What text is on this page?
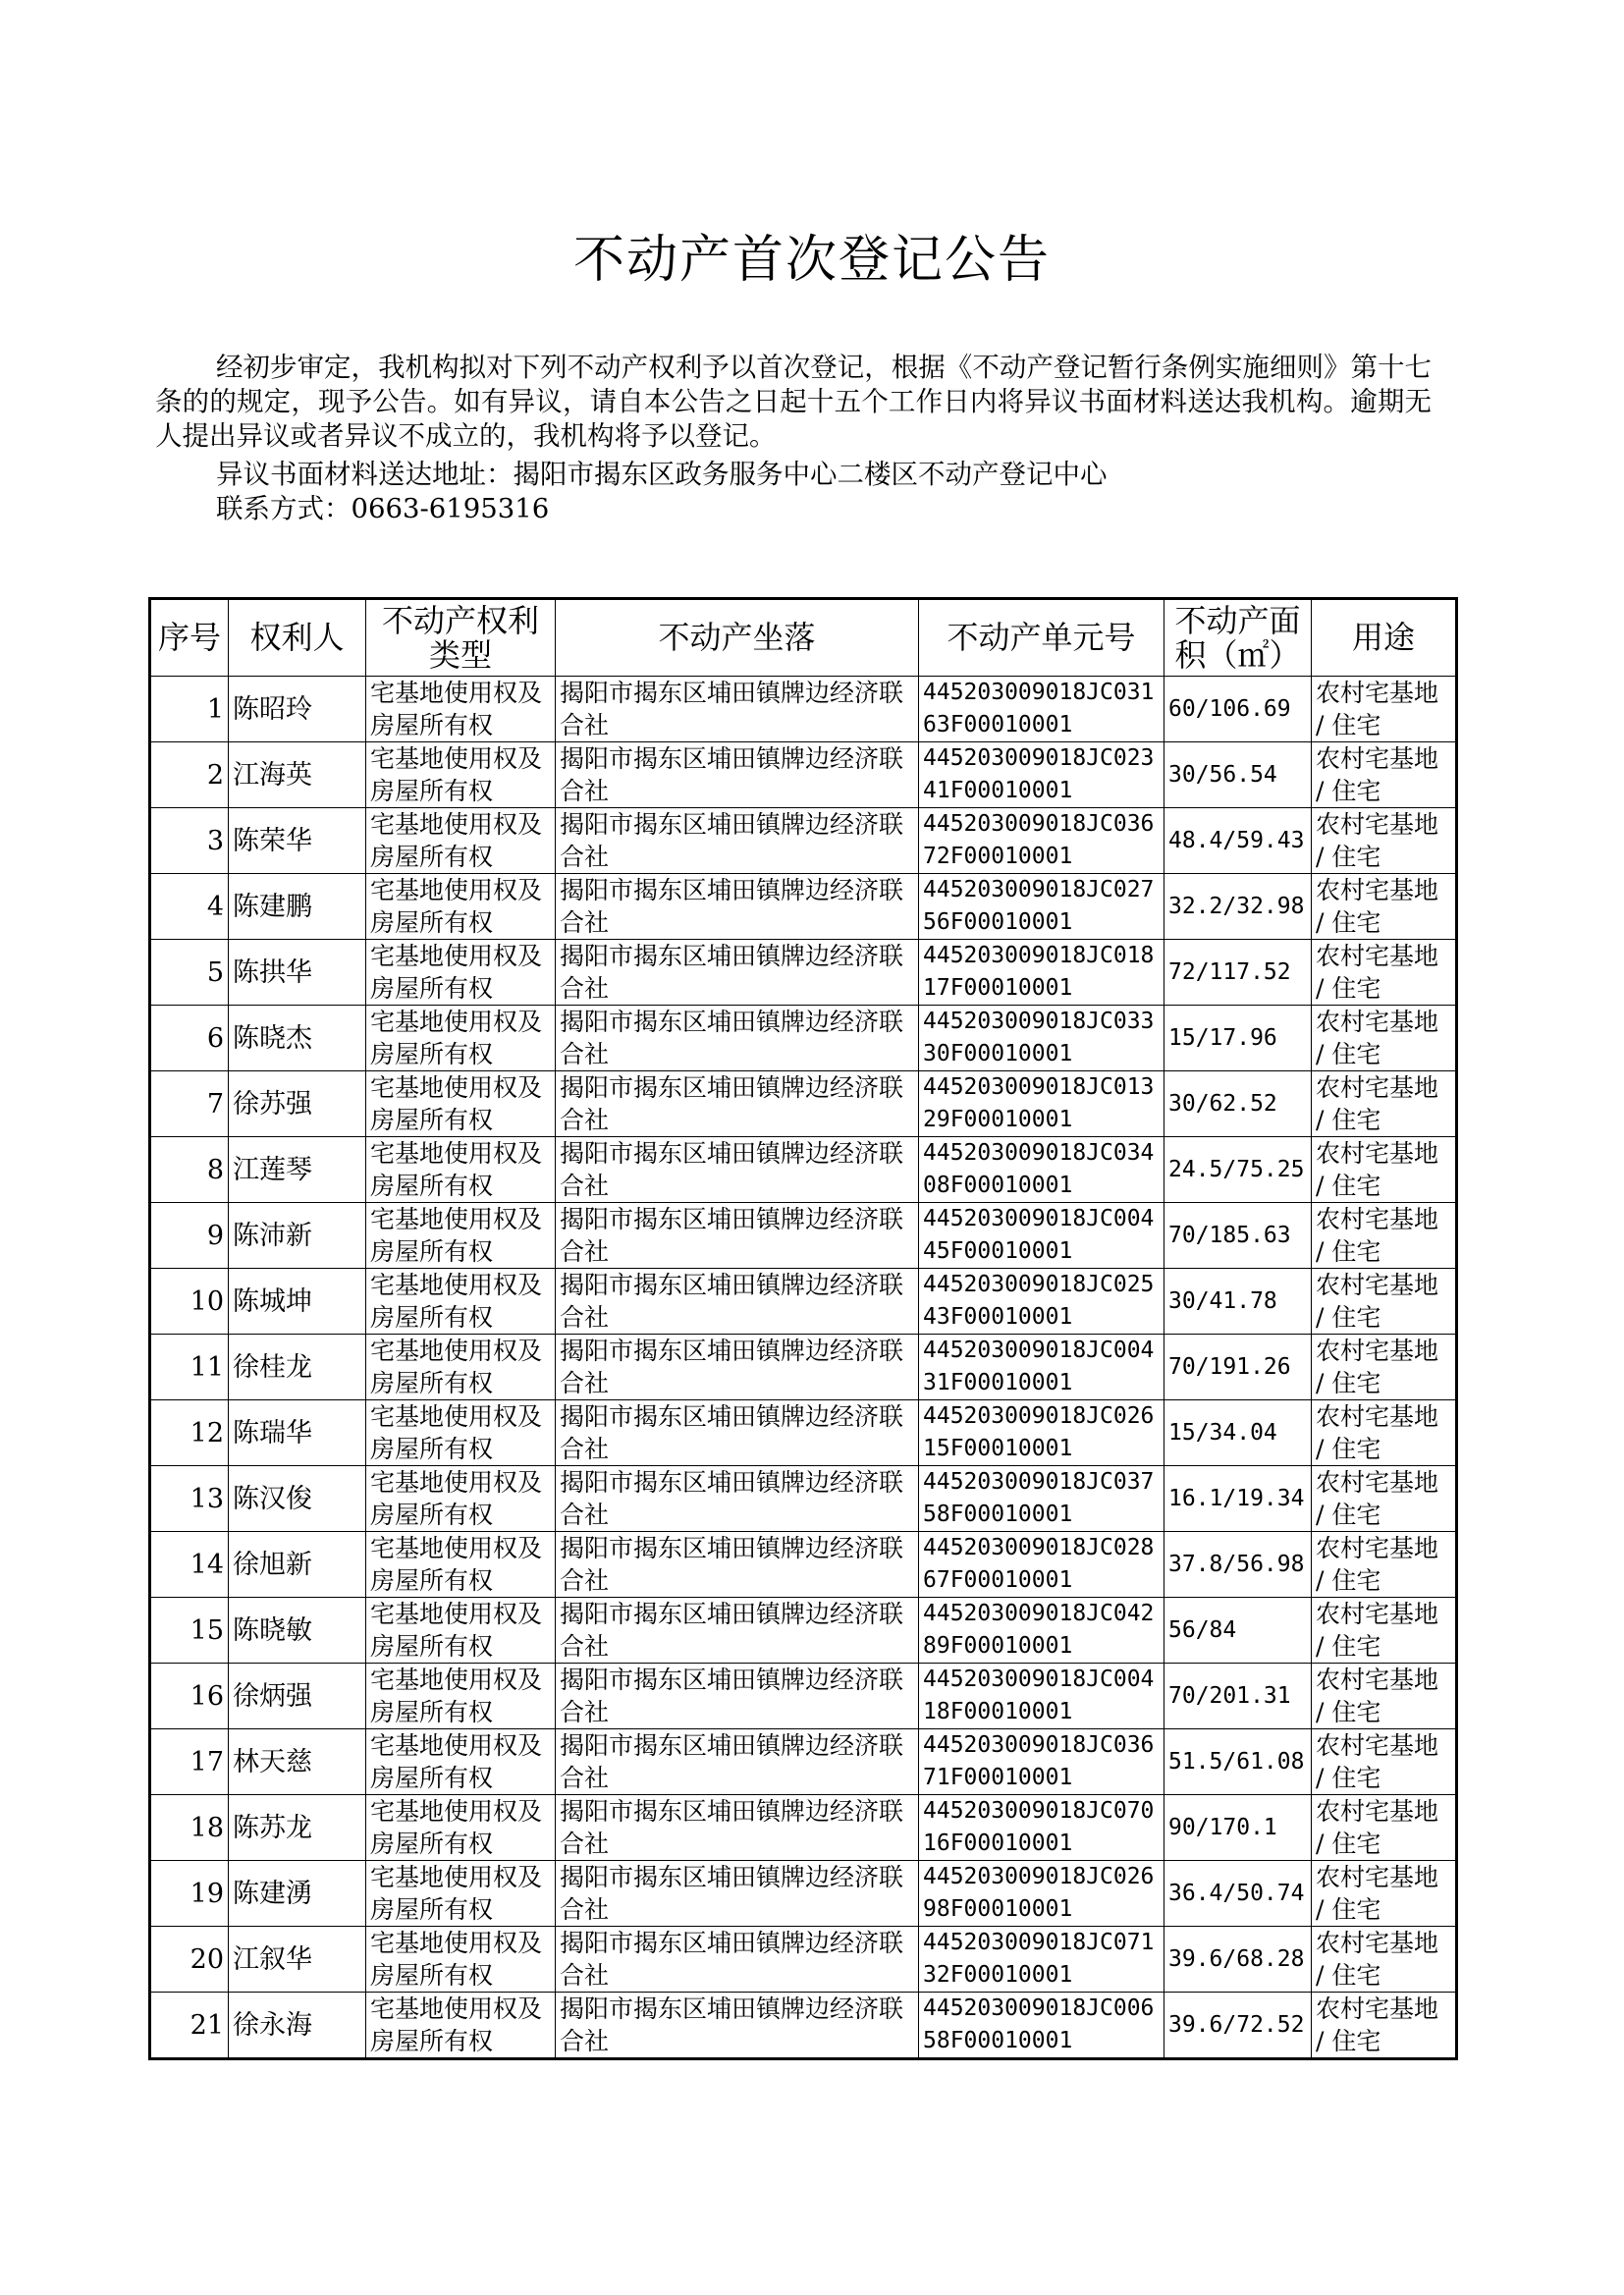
不动产首次登记公告
经初步审定，我机构拟对下列不动产权利予以首次登记，根据《不动产登记暂行条例实施细则》第十七条的的规定，现予公告。如有异议，请自本公告之日起十五个工作日内将异议书面材料送达我机构。逾期无人提出异议或者异议不成立的，我机构将予以登记。
异议书面材料送达地址：揭阳市揭东区政务服务中心二楼区不动产登记中心
联系方式：0663-6195316
序号	权利人	不动产权利类型	不动产坐落	不动产单元号	不动产面积（㎡）	用途
1	陈昭玲	宅基地使用权及房屋所有权	揭阳市揭东区埔田镇牌边经济联合社	445203009018JC03163F00010001	60/106.69	农村宅基地 / 住宅
2	江海英	宅基地使用权及房屋所有权	揭阳市揭东区埔田镇牌边经济联合社	445203009018JC02341F00010001	30/56.54	农村宅基地 / 住宅
3	陈荣华	宅基地使用权及房屋所有权	揭阳市揭东区埔田镇牌边经济联合社	445203009018JC03672F00010001	48.4/59.43	农村宅基地 / 住宅
4	陈建鹏	宅基地使用权及房屋所有权	揭阳市揭东区埔田镇牌边经济联合社	445203009018JC02756F00010001	32.2/32.98	农村宅基地 / 住宅
5	陈拱华	宅基地使用权及房屋所有权	揭阳市揭东区埔田镇牌边经济联合社	445203009018JC01817F00010001	72/117.52	农村宅基地 / 住宅
6	陈晓杰	宅基地使用权及房屋所有权	揭阳市揭东区埔田镇牌边经济联合社	445203009018JC03330F00010001	15/17.96	农村宅基地 / 住宅
7	徐苏强	宅基地使用权及房屋所有权	揭阳市揭东区埔田镇牌边经济联合社	445203009018JC01329F00010001	30/62.52	农村宅基地 / 住宅
8	江莲琴	宅基地使用权及房屋所有权	揭阳市揭东区埔田镇牌边经济联合社	445203009018JC03408F00010001	24.5/75.25	农村宅基地 / 住宅
9	陈沛新	宅基地使用权及房屋所有权	揭阳市揭东区埔田镇牌边经济联合社	445203009018JC00445F00010001	70/185.63	农村宅基地 / 住宅
10	陈城坤	宅基地使用权及房屋所有权	揭阳市揭东区埔田镇牌边经济联合社	445203009018JC02543F00010001	30/41.78	农村宅基地 / 住宅
11	徐桂龙	宅基地使用权及房屋所有权	揭阳市揭东区埔田镇牌边经济联合社	445203009018JC00431F00010001	70/191.26	农村宅基地 / 住宅
12	陈瑞华	宅基地使用权及房屋所有权	揭阳市揭东区埔田镇牌边经济联合社	445203009018JC02615F00010001	15/34.04	农村宅基地 / 住宅
13	陈汉俊	宅基地使用权及房屋所有权	揭阳市揭东区埔田镇牌边经济联合社	445203009018JC03758F00010001	16.1/19.34	农村宅基地 / 住宅
14	徐旭新	宅基地使用权及房屋所有权	揭阳市揭东区埔田镇牌边经济联合社	445203009018JC02867F00010001	37.8/56.98	农村宅基地 / 住宅
15	陈晓敏	宅基地使用权及房屋所有权	揭阳市揭东区埔田镇牌边经济联合社	445203009018JC04289F00010001	56/84	农村宅基地 / 住宅
16	徐炳强	宅基地使用权及房屋所有权	揭阳市揭东区埔田镇牌边经济联合社	445203009018JC00418F00010001	70/201.31	农村宅基地 / 住宅
17	林天慈	宅基地使用权及房屋所有权	揭阳市揭东区埔田镇牌边经济联合社	445203009018JC03671F00010001	51.5/61.08	农村宅基地 / 住宅
18	陈苏龙	宅基地使用权及房屋所有权	揭阳市揭东区埔田镇牌边经济联合社	445203009018JC07016F00010001	90/170.1	农村宅基地 / 住宅
19	陈建湧	宅基地使用权及房屋所有权	揭阳市揭东区埔田镇牌边经济联合社	445203009018JC02698F00010001	36.4/50.74	农村宅基地 / 住宅
20	江叙华	宅基地使用权及房屋所有权	揭阳市揭东区埔田镇牌边经济联合社	445203009018JC07132F00010001	39.6/68.28	农村宅基地 / 住宅
21	徐永海	宅基地使用权及房屋所有权	揭阳市揭东区埔田镇牌边经济联合社	445203009018JC00658F00010001	39.6/72.52	农村宅基地 / 住宅
